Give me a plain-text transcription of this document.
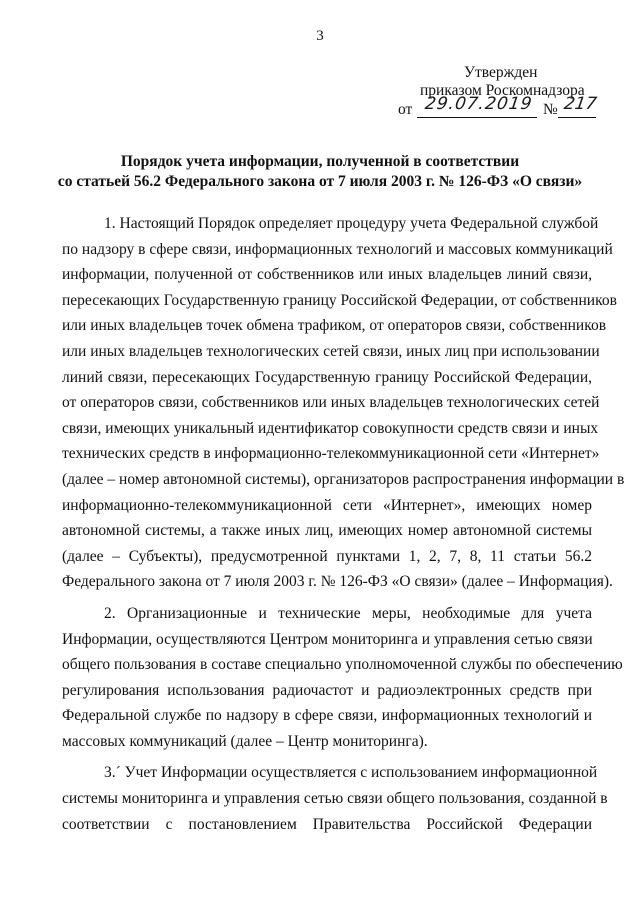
3
Утвержден
приказом Роскомнадзора
от 29.07.2019 № 217
Порядок учета информации, полученной в соответствии
со статьей 56.2 Федерального закона от 7 июля 2003 г. № 126-ФЗ «О связи»
1. Настоящий Порядок определяет процедуру учета Федеральной службой
по надзору в сфере связи, информационных технологий и массовых коммуникаций
информации, полученной от собственников или иных владельцев линий связи,
пересекающих Государственную границу Российской Федерации, от собственников
или иных владельцев точек обмена трафиком, от операторов связи, собственников
или иных владельцев технологических сетей связи, иных лиц при использовании
линий связи, пересекающих Государственную границу Российской Федерации,
от операторов связи, собственников или иных владельцев технологических сетей
связи, имеющих уникальный идентификатор совокупности средств связи и иных
технических средств в информационно-телекоммуникационной сети «Интернет»
(далее – номер автономной системы), организаторов распространения информации в
информационно-телекоммуникационной сети «Интернет», имеющих номер
автономной системы, а также иных лиц, имеющих номер автономной системы
(далее – Субъекты), предусмотренной пунктами 1, 2, 7, 8, 11 статьи 56.2
Федерального закона от 7 июля 2003 г. № 126-ФЗ «О связи» (далее – Информация).
2. Организационные и технические меры, необходимые для учета
Информации, осуществляются Центром мониторинга и управления сетью связи
общего пользования в составе специально уполномоченной службы по обеспечению
регулирования использования радиочастот и радиоэлектронных средств при
Федеральной службе по надзору в сфере связи, информационных технологий и
массовых коммуникаций (далее – Центр мониторинга).
3.´ Учет Информации осуществляется с использованием информационной
системы мониторинга и управления сетью связи общего пользования, созданной в
соответствии с постановлением Правительства Российской Федерации
